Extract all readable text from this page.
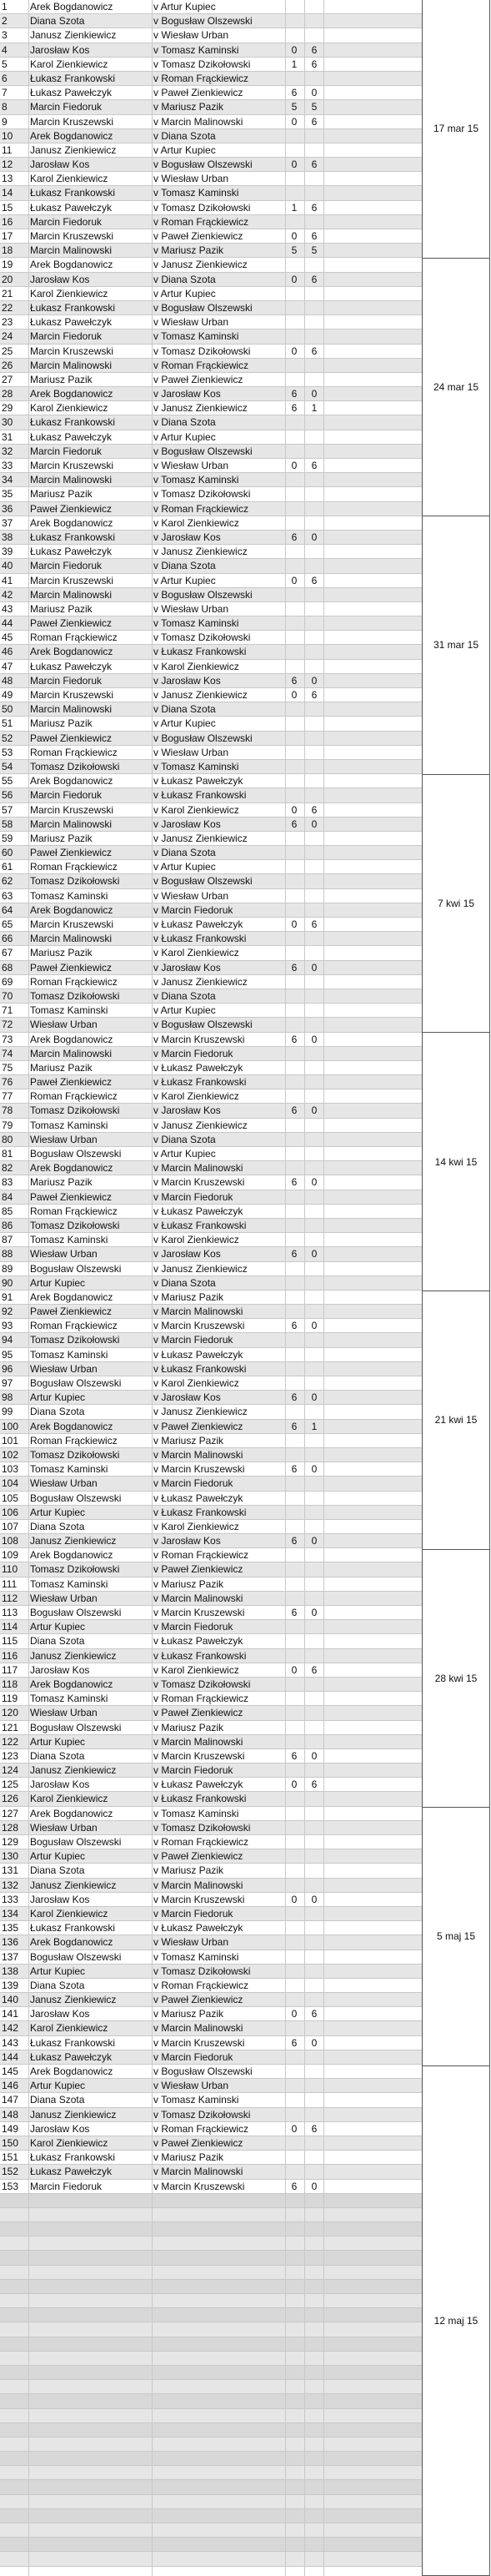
1	Arek Bogdanowicz	v Artur Kupiec
2	Diana Szota	v Bogusław Olszewski
3	Janusz Zienkiewicz	v Wiesław Urban
4	Jarosław Kos	v Tomasz Kaminski	0	6
5	Karol Zienkiewicz	v Tomasz Dzikołowski	1	6
6	Łukasz Frankowski	v Roman Frąckiewicz
7	Łukasz Pawełczyk	v Paweł Zienkiewicz	6	0
8	Marcin Fiedoruk	v Mariusz Pazik	5	5
9	Marcin Kruszewski	v Marcin Malinowski	0	6
10	Arek Bogdanowicz	v Diana Szota
11	Janusz Zienkiewicz	v Artur Kupiec
12	Jarosław Kos	v Bogusław Olszewski	0	6
13	Karol Zienkiewicz	v Wiesław Urban
14	Łukasz Frankowski	v Tomasz Kaminski
15	Łukasz Pawełczyk	v Tomasz Dzikołowski	1	6
16	Marcin Fiedoruk	v Roman Frąckiewicz
17	Marcin Kruszewski	v Paweł Zienkiewicz	0	6
18	Marcin Malinowski	v Mariusz Pazik	5	5
19	Arek Bogdanowicz	v Janusz Zienkiewicz
20	Jarosław Kos	v Diana Szota	0	6
21	Karol Zienkiewicz	v Artur Kupiec
22	Łukasz Frankowski	v Bogusław Olszewski
23	Łukasz Pawełczyk	v Wiesław Urban
24	Marcin Fiedoruk	v Tomasz Kaminski
25	Marcin Kruszewski	v Tomasz Dzikołowski	0	6
26	Marcin Malinowski	v Roman Frąckiewicz
27	Mariusz Pazik	v Paweł Zienkiewicz
28	Arek Bogdanowicz	v Jarosław Kos	6	0
29	Karol Zienkiewicz	v Janusz Zienkiewicz	6	1
30	Łukasz Frankowski	v Diana Szota
31	Łukasz Pawełczyk	v Artur Kupiec
32	Marcin Fiedoruk	v Bogusław Olszewski
33	Marcin Kruszewski	v Wiesław Urban	0	6
34	Marcin Malinowski	v Tomasz Kaminski
35	Mariusz Pazik	v Tomasz Dzikołowski
36	Paweł Zienkiewicz	v Roman Frąckiewicz
37	Arek Bogdanowicz	v Karol Zienkiewicz
38	Łukasz Frankowski	v Jarosław Kos	6	0
39	Łukasz Pawełczyk	v Janusz Zienkiewicz
40	Marcin Fiedoruk	v Diana Szota
41	Marcin Kruszewski	v Artur Kupiec	0	6
42	Marcin Malinowski	v Bogusław Olszewski
43	Mariusz Pazik	v Wiesław Urban
44	Paweł Zienkiewicz	v Tomasz Kaminski
45	Roman Frąckiewicz	v Tomasz Dzikołowski
46	Arek Bogdanowicz	v Łukasz Frankowski
47	Łukasz Pawełczyk	v Karol Zienkiewicz
48	Marcin Fiedoruk	v Jarosław Kos	6	0
49	Marcin Kruszewski	v Janusz Zienkiewicz	0	6
50	Marcin Malinowski	v Diana Szota
51	Mariusz Pazik	v Artur Kupiec
52	Paweł Zienkiewicz	v Bogusław Olszewski
53	Roman Frąckiewicz	v Wiesław Urban
54	Tomasz Dzikołowski	v Tomasz Kaminski
55	Arek Bogdanowicz	v Łukasz Pawełczyk
56	Marcin Fiedoruk	v Łukasz Frankowski
57	Marcin Kruszewski	v Karol Zienkiewicz	0	6
58	Marcin Malinowski	v Jarosław Kos	6	0
59	Mariusz Pazik	v Janusz Zienkiewicz
60	Paweł Zienkiewicz	v Diana Szota
61	Roman Frąckiewicz	v Artur Kupiec
62	Tomasz Dzikołowski	v Bogusław Olszewski
63	Tomasz Kaminski	v Wiesław Urban
64	Arek Bogdanowicz	v Marcin Fiedoruk
65	Marcin Kruszewski	v Łukasz Pawełczyk	0	6
66	Marcin Malinowski	v Łukasz Frankowski
67	Mariusz Pazik	v Karol Zienkiewicz
68	Paweł Zienkiewicz	v Jarosław Kos	6	0
69	Roman Frąckiewicz	v Janusz Zienkiewicz
70	Tomasz Dzikołowski	v Diana Szota
71	Tomasz Kaminski	v Artur Kupiec
72	Wiesław Urban	v Bogusław Olszewski
73	Arek Bogdanowicz	v Marcin Kruszewski	6	0
74	Marcin Malinowski	v Marcin Fiedoruk
75	Mariusz Pazik	v Łukasz Pawełczyk
76	Paweł Zienkiewicz	v Łukasz Frankowski
77	Roman Frąckiewicz	v Karol Zienkiewicz
78	Tomasz Dzikołowski	v Jarosław Kos	6	0
79	Tomasz Kaminski	v Janusz Zienkiewicz
80	Wiesław Urban	v Diana Szota
81	Bogusław Olszewski	v Artur Kupiec
82	Arek Bogdanowicz	v Marcin Malinowski
83	Mariusz Pazik	v Marcin Kruszewski	6	0
84	Paweł Zienkiewicz	v Marcin Fiedoruk
85	Roman Frąckiewicz	v Łukasz Pawełczyk
86	Tomasz Dzikołowski	v Łukasz Frankowski
87	Tomasz Kaminski	v Karol Zienkiewicz
88	Wiesław Urban	v Jarosław Kos	6	0
89	Bogusław Olszewski	v Janusz Zienkiewicz
90	Artur Kupiec	v Diana Szota
91	Arek Bogdanowicz	v Mariusz Pazik
92	Paweł Zienkiewicz	v Marcin Malinowski
93	Roman Frąckiewicz	v Marcin Kruszewski	6	0
94	Tomasz Dzikołowski	v Marcin Fiedoruk
95	Tomasz Kaminski	v Łukasz Pawełczyk
96	Wiesław Urban	v Łukasz Frankowski
97	Bogusław Olszewski	v Karol Zienkiewicz
98	Artur Kupiec	v Jarosław Kos	6	0
99	Diana Szota	v Janusz Zienkiewicz
100	Arek Bogdanowicz	v Paweł Zienkiewicz	6	1
101	Roman Frąckiewicz	v Mariusz Pazik
102	Tomasz Dzikołowski	v Marcin Malinowski
103	Tomasz Kaminski	v Marcin Kruszewski	6	0
104	Wiesław Urban	v Marcin Fiedoruk
105	Bogusław Olszewski	v Łukasz Pawełczyk
106	Artur Kupiec	v Łukasz Frankowski
107	Diana Szota	v Karol Zienkiewicz
108	Janusz Zienkiewicz	v Jarosław Kos	6	0
109	Arek Bogdanowicz	v Roman Frąckiewicz
110	Tomasz Dzikołowski	v Paweł Zienkiewicz
111	Tomasz Kaminski	v Mariusz Pazik
112	Wiesław Urban	v Marcin Malinowski
113	Bogusław Olszewski	v Marcin Kruszewski	6	0
114	Artur Kupiec	v Marcin Fiedoruk
115	Diana Szota	v Łukasz Pawełczyk
116	Janusz Zienkiewicz	v Łukasz Frankowski
117	Jarosław Kos	v Karol Zienkiewicz	0	6
118	Arek Bogdanowicz	v Tomasz Dzikołowski
119	Tomasz Kaminski	v Roman Frąckiewicz
120	Wiesław Urban	v Paweł Zienkiewicz
121	Bogusław Olszewski	v Mariusz Pazik
122	Artur Kupiec	v Marcin Malinowski
123	Diana Szota	v Marcin Kruszewski	6	0
124	Janusz Zienkiewicz	v Marcin Fiedoruk
125	Jarosław Kos	v Łukasz Pawełczyk	0	6
126	Karol Zienkiewicz	v Łukasz Frankowski
127	Arek Bogdanowicz	v Tomasz Kaminski
128	Wiesław Urban	v Tomasz Dzikołowski
129	Bogusław Olszewski	v Roman Frąckiewicz
130	Artur Kupiec	v Paweł Zienkiewicz
131	Diana Szota	v Mariusz Pazik
132	Janusz Zienkiewicz	v Marcin Malinowski
133	Jarosław Kos	v Marcin Kruszewski	0	0
134	Karol Zienkiewicz	v Marcin Fiedoruk
135	Łukasz Frankowski	v Łukasz Pawełczyk
136	Arek Bogdanowicz	v Wiesław Urban
137	Bogusław Olszewski	v Tomasz Kaminski
138	Artur Kupiec	v Tomasz Dzikołowski
139	Diana Szota	v Roman Frąckiewicz
140	Janusz Zienkiewicz	v Paweł Zienkiewicz
141	Jarosław Kos	v Mariusz Pazik	0	6
142	Karol Zienkiewicz	v Marcin Malinowski
143	Łukasz Frankowski	v Marcin Kruszewski	6	0
144	Łukasz Pawełczyk	v Marcin Fiedoruk
145	Arek Bogdanowicz	v Bogusław Olszewski
146	Artur Kupiec	v Wiesław Urban
147	Diana Szota	v Tomasz Kaminski
148	Janusz Zienkiewicz	v Tomasz Dzikołowski
149	Jarosław Kos	v Roman Frąckiewicz	0	6
150	Karol Zienkiewicz	v Paweł Zienkiewicz
151	Łukasz Frankowski	v Mariusz Pazik
152	Łukasz Pawełczyk	v Marcin Malinowski
153	Marcin Fiedoruk	v Marcin Kruszewski	6	0
17 mar 15
24 mar 15
31 mar 15
7 kwi 15
14 kwi 15
21 kwi 15
28 kwi 15
5 maj 15
12 maj 15
